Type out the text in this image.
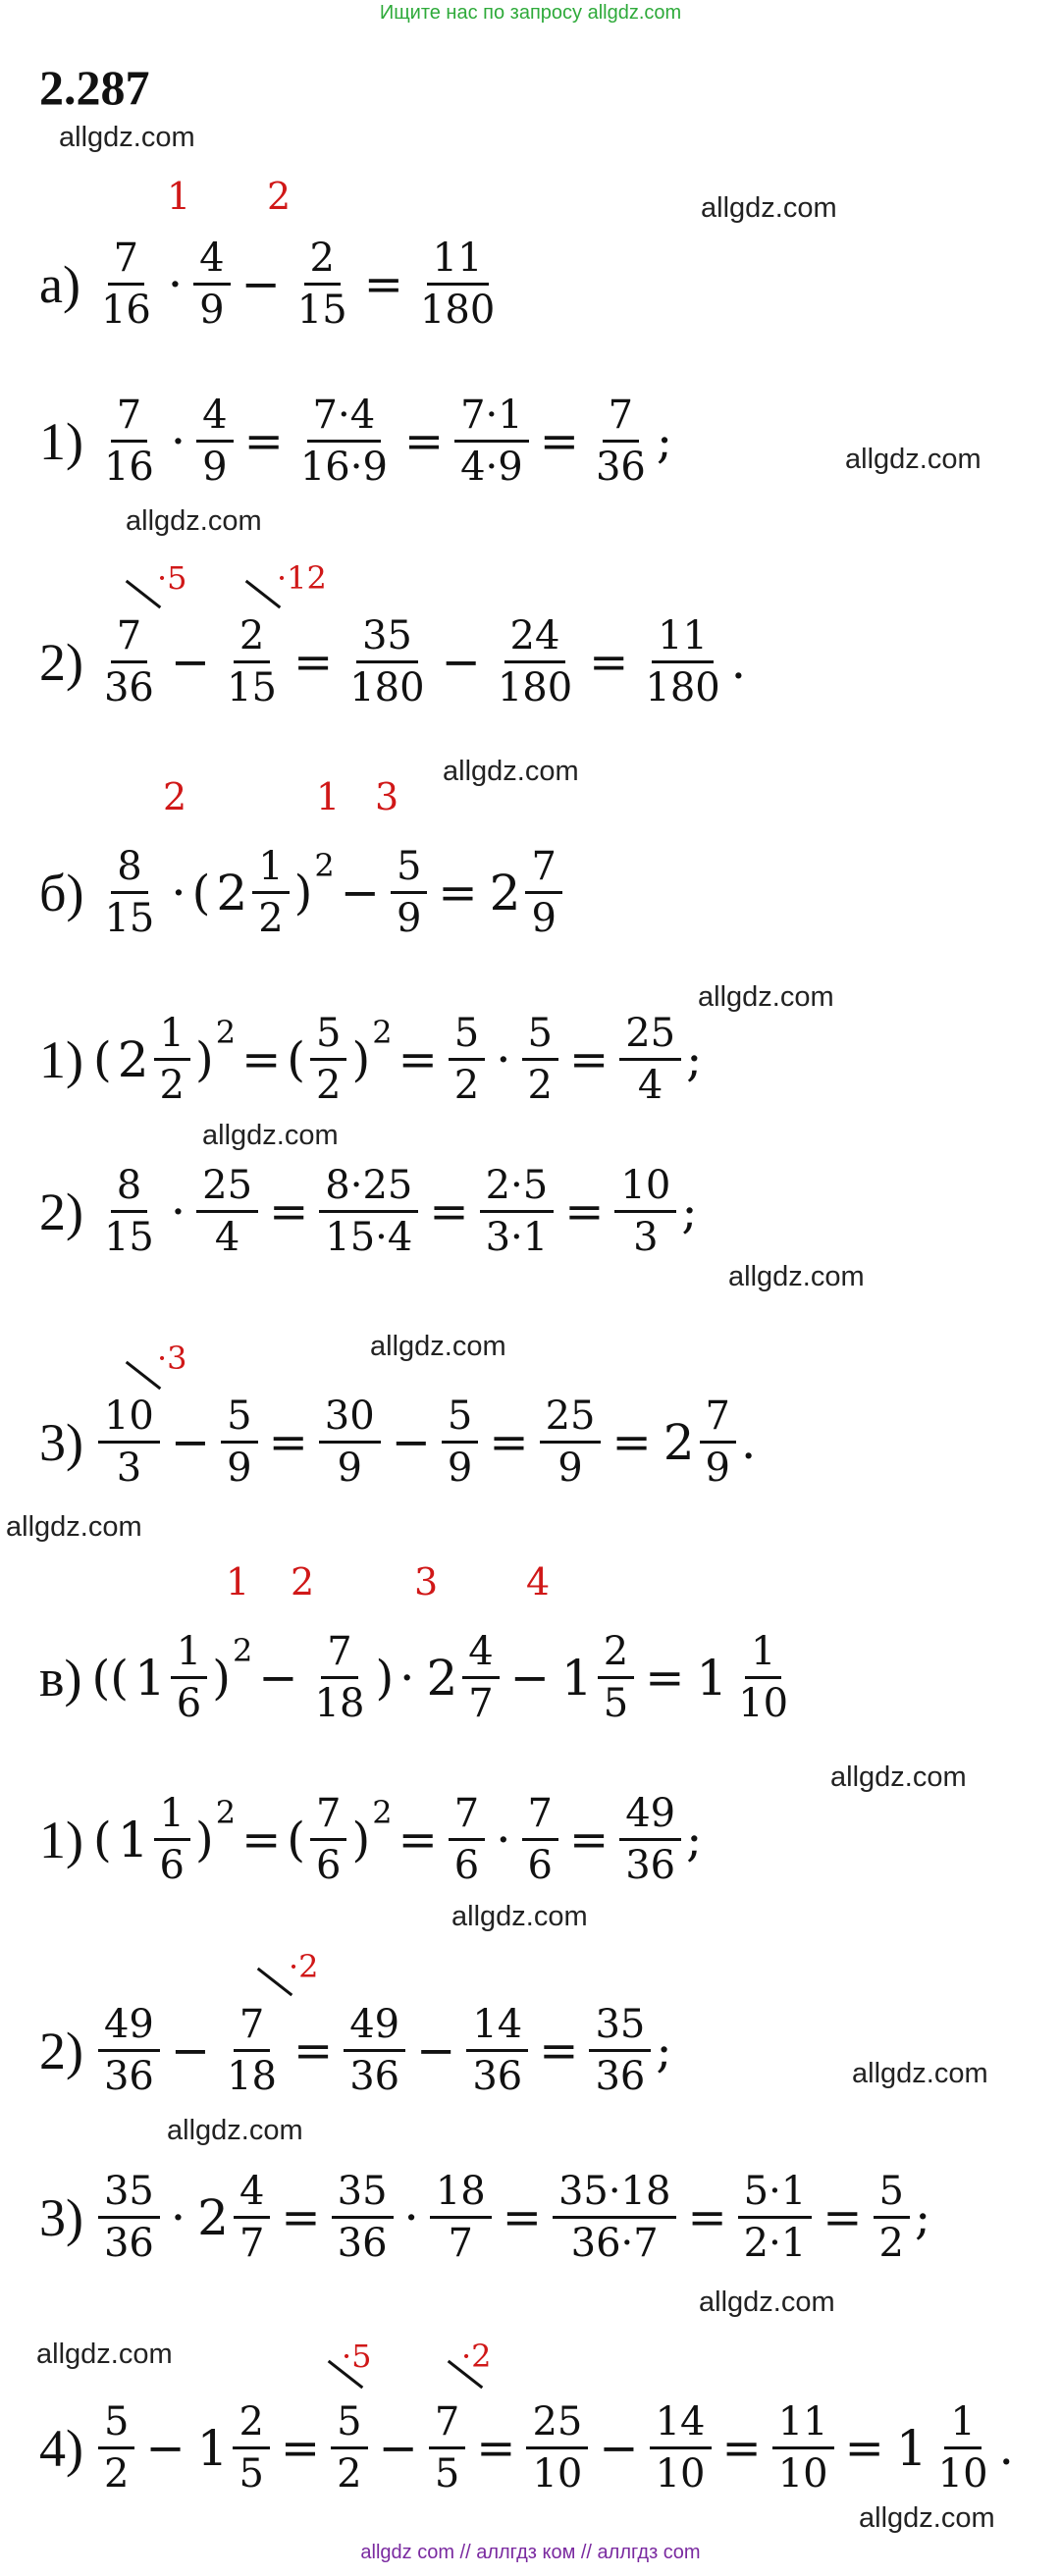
Ищите нас по запросу allgdz.com
2.287
allgdz.com
allgdz.com
allgdz.com
allgdz.com
allgdz.com
allgdz.com
allgdz.com
allgdz.com
allgdz.com
allgdz.com
allgdz.com
allgdz.com
allgdz.com
allgdz.com
allgdz.com
allgdz.com
allgdz.com
1 2
$а) \frac{7}{16} \cdot \frac{4}{9} - \frac{2}{15} = \frac{11}{180}$
$1) \frac{7}{16} \cdot \frac{4}{9} = \frac{7\cdot 4}{16\cdot 9} = \frac{7\cdot 1}{4\cdot 9} = \frac{7}{36}$ ;
·5	·12
$2) \frac{7}{36} - \frac{2}{15} = \frac{35}{180} - \frac{24}{180} = \frac{11}{180}$ .
2	1 3
$б) \frac{8}{15}$ · ( $2 \frac{1}{2}$ ) $2 - \frac{5}{9} = 2 \frac{7}{9}$
1) ( $2 \frac{1}{2}$ ) 2 = ( $\frac{5}{2}$ ) $2 = \frac{5}{2} \cdot \frac{5}{2} = \frac{25}{4}$ ;
$2) \frac{8}{15} \cdot \frac{25}{4} = \frac{8\cdot 25}{15\cdot 4} = \frac{2\cdot 5}{3\cdot 1} = \frac{10}{3}$ ;
·3
$3) \frac{10}{3} - \frac{5}{9} = \frac{30}{9} - \frac{5}{9} = \frac{25}{9} = 2 \frac{7}{9}$ .
1 2	3 4
в) ( ( $1 \frac{1}{6}$ ) $2 - \frac{7}{18}$ ) · $2 \frac{4}{7} - 1 \frac{2}{5} = 1 \frac{1}{10}$
1) ( $1 \frac{1}{6}$ ) 2 = ( $\frac{7}{6}$ ) $2 = \frac{7}{6} \cdot \frac{7}{6} = \frac{49}{36}$ ;
·2
$2) \frac{49}{36} - \frac{7}{18} = \frac{49}{36} - \frac{14}{36} = \frac{35}{36}$ ;
$3) \frac{35}{36} \cdot 2 \frac{4}{7} = \frac{35}{36} \cdot \frac{18}{7} = \frac{35\cdot 18}{36\cdot 7} = \frac{5\cdot 1}{2\cdot 1} = \frac{5}{2}$ ;
·5	·2
$4) \frac{5}{2} - 1 \frac{2}{5} = \frac{5}{2} - \frac{7}{5} = \frac{25}{10} - \frac{14}{10} = \frac{11}{10} = 1 \frac{1}{10}$ .
allgdz com // аллгдз ком // аллгдз com
